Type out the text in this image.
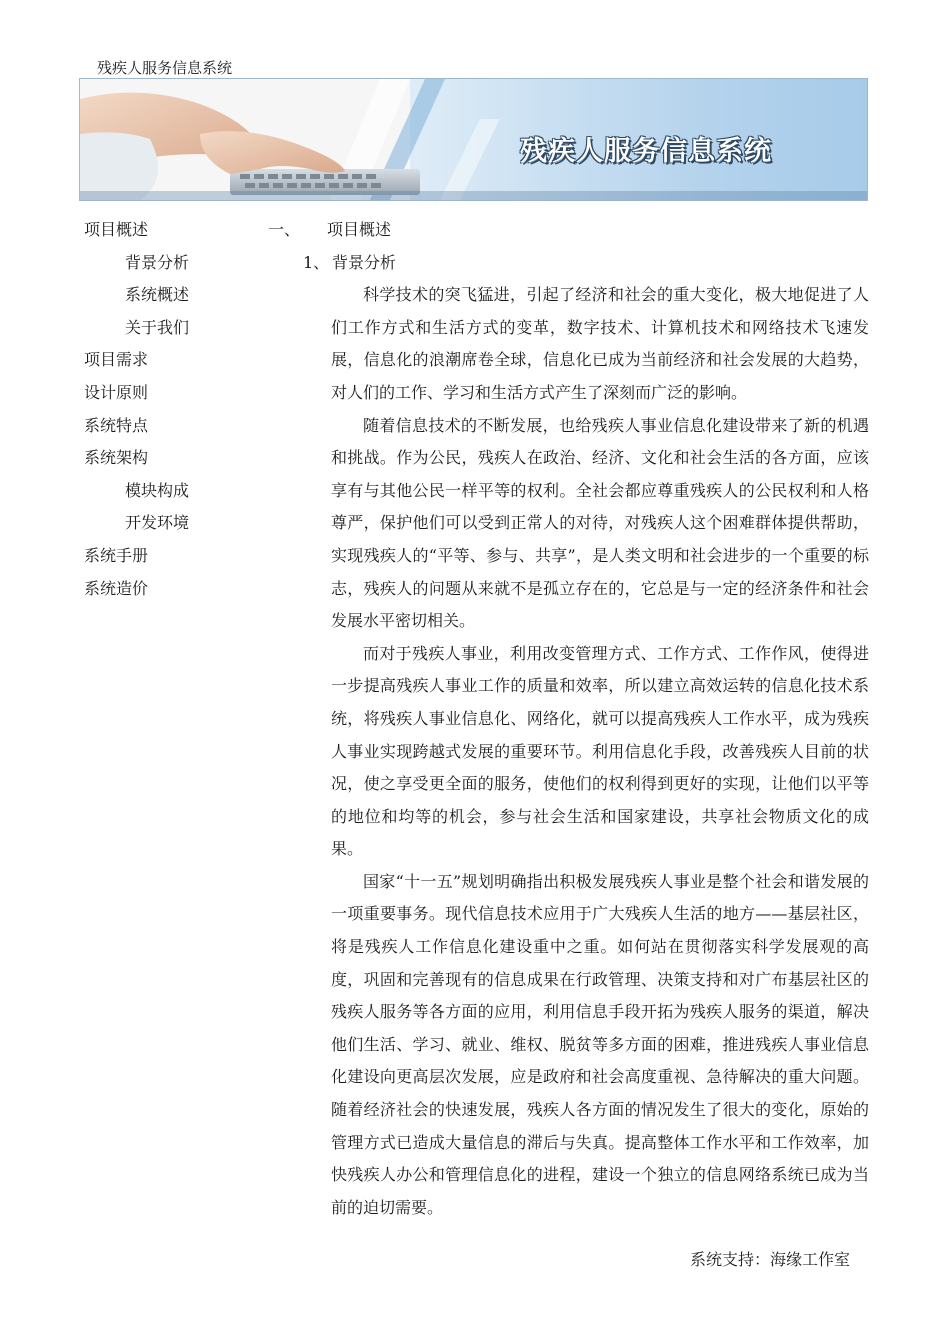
残疾人服务信息系统
残疾人服务信息系统
项目概述
背景分析
系统概述
关于我们
项目需求
设计原则
系统特点
系统架构
模块构成
开发环境
系统手册
系统造价
一、 项目概述
1、 背景分析

科学技术的突飞猛进，引起了经济和社会的重大变化，极大地促进了人们工作方式和生活方式的变革，数字技术、计算机技术和网络技术飞速发展，信息化的浪潮席卷全球，信息化已成为当前经济和社会发展的大趋势，对人们的工作、学习和生活方式产生了深刻而广泛的影响。

随着信息技术的不断发展，也给残疾人事业信息化建设带来了新的机遇和挑战。作为公民，残疾人在政治、经济、文化和社会生活的各方面，应该享有与其他公民一样平等的权利。全社会都应尊重残疾人的公民权利和人格尊严，保护他们可以受到正常人的对待，对残疾人这个困难群体提供帮助，实现残疾人的“平等、参与、共享”，是人类文明和社会进步的一个重要的标志，残疾人的问题从来就不是孤立存在的，它总是与一定的经济条件和社会发展水平密切相关。

而对于残疾人事业，利用改变管理方式、工作方式、工作作风，使得进一步提高残疾人事业工作的质量和效率，所以建立高效运转的信息化技术系统，将残疾人事业信息化、网络化，就可以提高残疾人工作水平，成为残疾人事业实现跨越式发展的重要环节。利用信息化手段，改善残疾人目前的状况，使之享受更全面的服务，使他们的权利得到更好的实现，让他们以平等的地位和均等的机会，参与社会生活和国家建设，共享社会物质文化的成果。

国家“十一五”规划明确指出积极发展残疾人事业是整个社会和谐发展的一项重要事务。现代信息技术应用于广大残疾人生活的地方——基层社区，将是残疾人工作信息化建设重中之重。如何站在贯彻落实科学发展观的高度，巩固和完善现有的信息成果在行政管理、决策支持和对广布基层社区的残疾人服务等各方面的应用，利用信息手段开拓为残疾人服务的渠道，解决他们生活、学习、就业、维权、脱贫等多方面的困难，推进残疾人事业信息化建设向更高层次发展，应是政府和社会高度重视、急待解决的重大问题。随着经济社会的快速发展，残疾人各方面的情况发生了很大的变化，原始的管理方式已造成大量信息的滞后与失真。提高整体工作水平和工作效率，加快残疾人办公和管理信息化的进程，建设一个独立的信息网络系统已成为当前的迫切需要。

系统支持：海缘工作室
